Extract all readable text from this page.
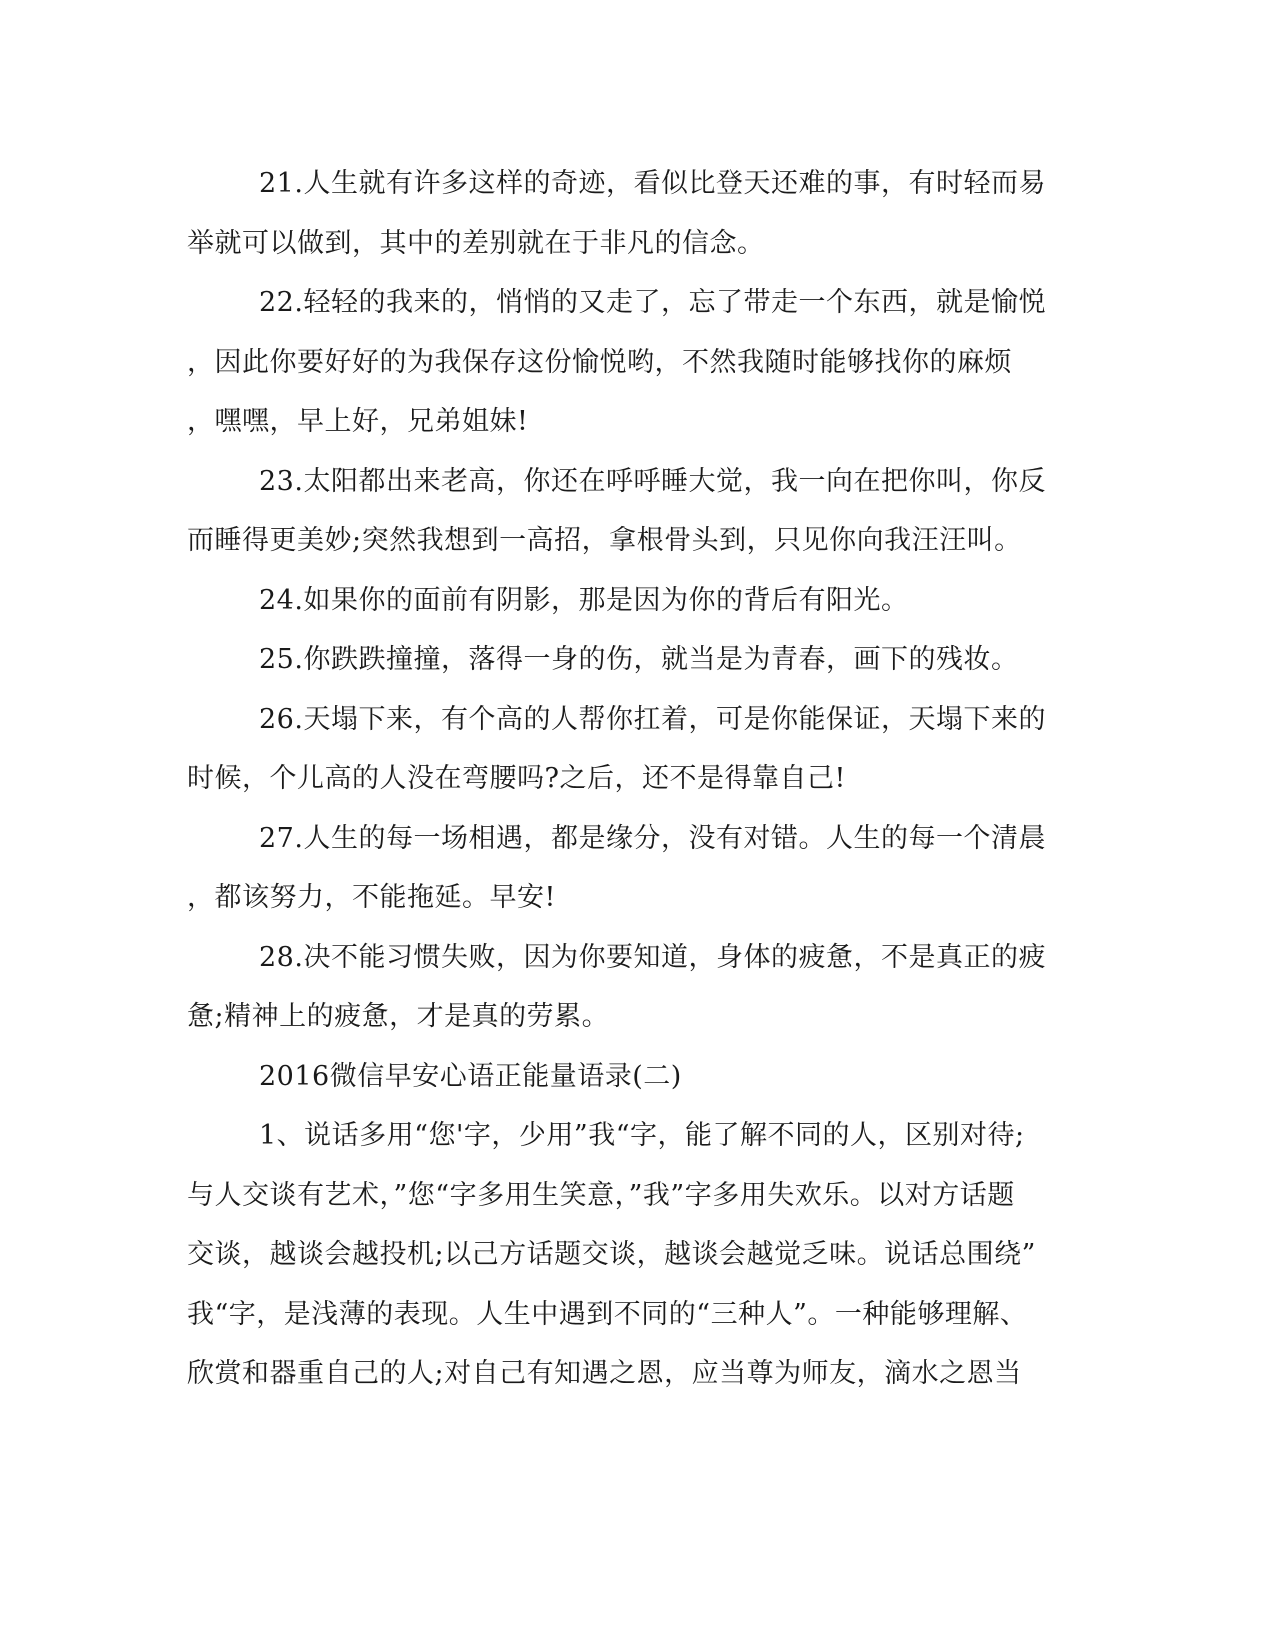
21.人生就有许多这样的奇迹，看似比登天还难的事，有时轻而易
举就可以做到，其中的差别就在于非凡的信念。
22.轻轻的我来的，悄悄的又走了，忘了带走一个东西，就是愉悦
，因此你要好好的为我保存这份愉悦哟，不然我随时能够找你的麻烦
，嘿嘿，早上好，兄弟姐妹!
23.太阳都出来老高，你还在呼呼睡大觉，我一向在把你叫，你反
而睡得更美妙;突然我想到一高招，拿根骨头到，只见你向我汪汪叫。
24.如果你的面前有阴影，那是因为你的背后有阳光。
25.你跌跌撞撞，落得一身的伤，就当是为青春，画下的残妆。
26.天塌下来，有个高的人帮你扛着，可是你能保证，天塌下来的
时候，个儿高的人没在弯腰吗?之后，还不是得靠自己!
27.人生的每一场相遇，都是缘分，没有对错。人生的每一个清晨
，都该努力，不能拖延。早安!
28.决不能习惯失败，因为你要知道，身体的疲惫，不是真正的疲
惫;精神上的疲惫，才是真的劳累。
2016微信早安心语正能量语录(二)
1、说话多用“您'字，少用”我“字，能了解不同的人，区别对待;
与人交谈有艺术，”您“字多用生笑意，”我”字多用失欢乐。以对方话题
交谈，越谈会越投机;以己方话题交谈，越谈会越觉乏味。说话总围绕”
我“字，是浅薄的表现。人生中遇到不同的“三种人”。一种能够理解、
欣赏和器重自己的人;对自己有知遇之恩，应当尊为师友，滴水之恩当
